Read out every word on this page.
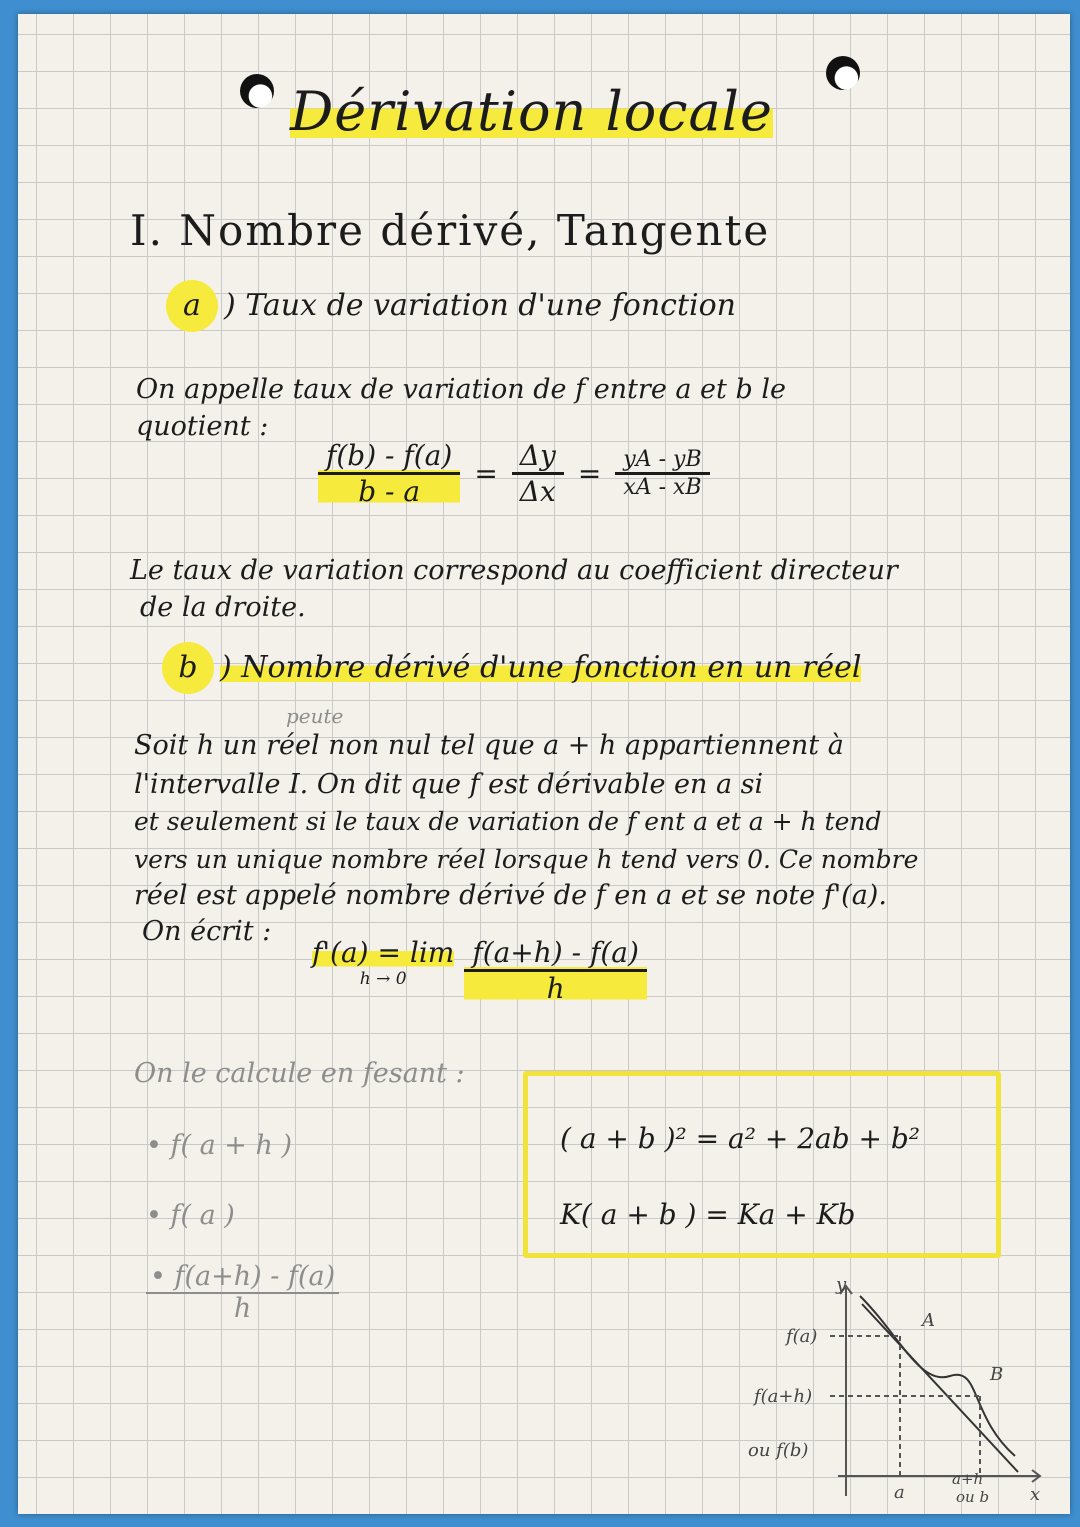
Dérivation locale
I. Nombre dérivé, Tangente
a ) Taux de variation d'une fonction
On appelle taux de variation de f entre a et b le
quotient :
$\frac{f(b) - f(a)}{b - a} = \frac{\Delta y}{\Delta x} = \frac{yA - yB}{xA - xB}$
Le taux de variation correspond au coefficient directeur
de la droite.
b ) Nombre dérivé d'une fonction en un réel
peute
Soit h un réel non nul tel que a + h appartiennent à
l'intervalle I. On dit que f est dérivable en a si
et seulement si le taux de variation de f ent a et a + h tend
vers un unique nombre réel lorsque h tend vers 0. Ce nombre
réel est appelé nombre dérivé de f en a et se note f'(a).
On écrit :
f'(a) = lim
$h \to 0 \frac{f(a+h) - f(a)}{h}$
On le calcule en fesant :
• f( a + h )
• f( a )
$\frac{• f(a+h) - f(a)}{h}$
( a + b )² = a² + 2ab + b²
K( a + b ) = Ka + Kb
y
x
A
B
f(a)
f(a+h)
ou f(b)
a
a+h
ou b
